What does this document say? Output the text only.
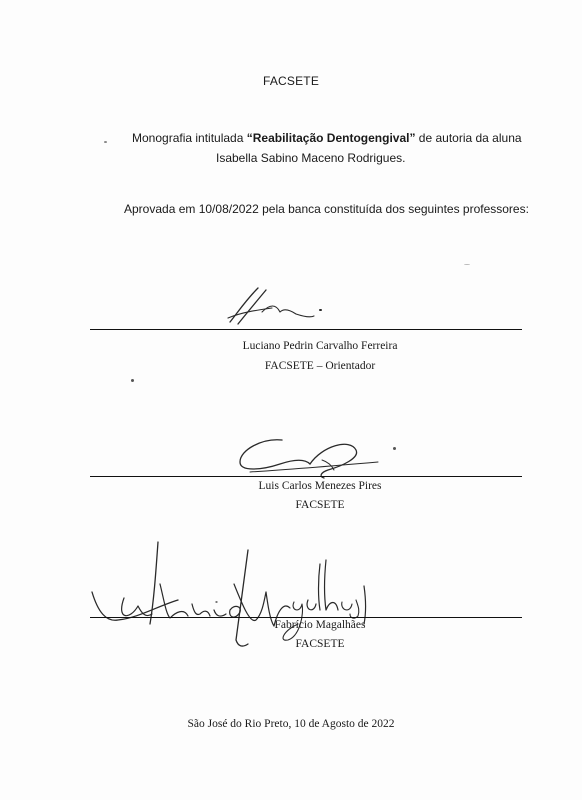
FACSETE
Monografia intitulada “Reabilitação Dentogengival” de autoria da aluna
Isabella Sabino Maceno Rodrigues.
Aprovada em 10/08/2022 pela banca constituída dos seguintes professores:
Luciano Pedrin Carvalho Ferreira
FACSETE – Orientador
Luis Carlos Menezes Pires
FACSETE
Fabrício Magalhães
FACSETE
São José do Rio Preto, 10 de Agosto de 2022
